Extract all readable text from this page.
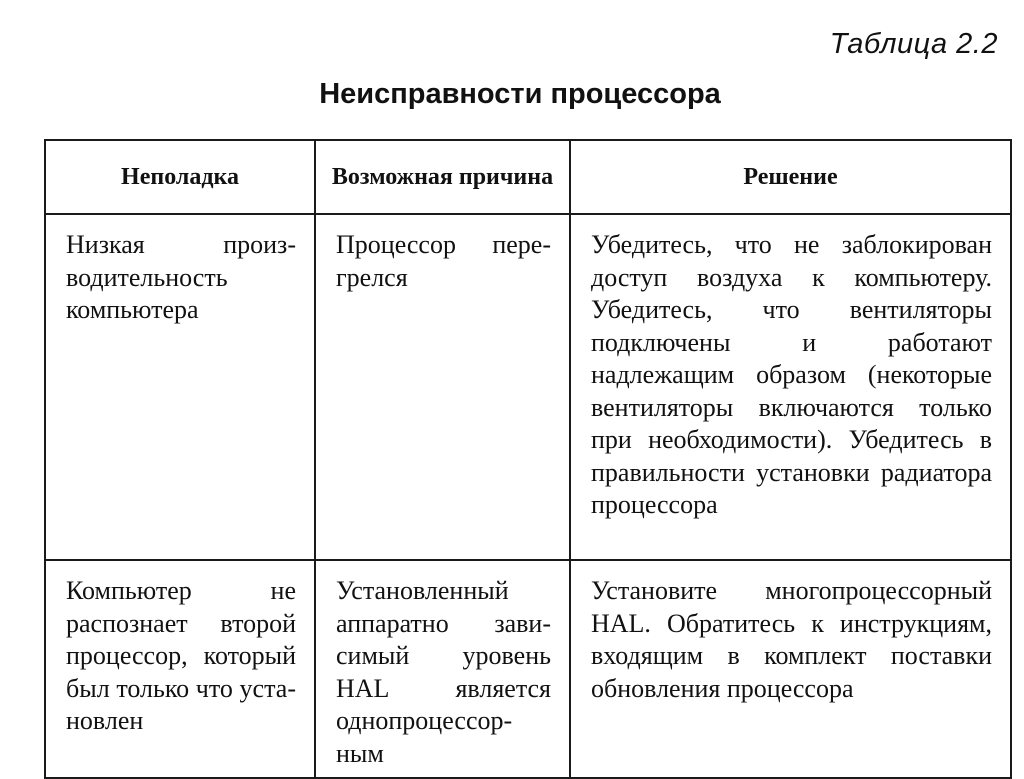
Таблица 2.2
Неисправности процессора
Неполадка	Возможная причина	Решение

Низкая производительность компьютера	Процессор перегрелся	Убедитесь, что не заблокирован доступ воздуха к компьютеру. Убедитесь, что вентиляторы подключены и работают надлежащим образом (некоторые вентиляторы включаются только при необходимости). Убедитесь в правильности установки радиатора процессора

Компьютер не распознает второй процессор, который был только что установлен	Установленный аппаратно зависимый уровень HAL является однопроцессорным	Установите многопроцессорный HAL. Обратитесь к инструкциям, входящим в комплект поставки обновления процессора
